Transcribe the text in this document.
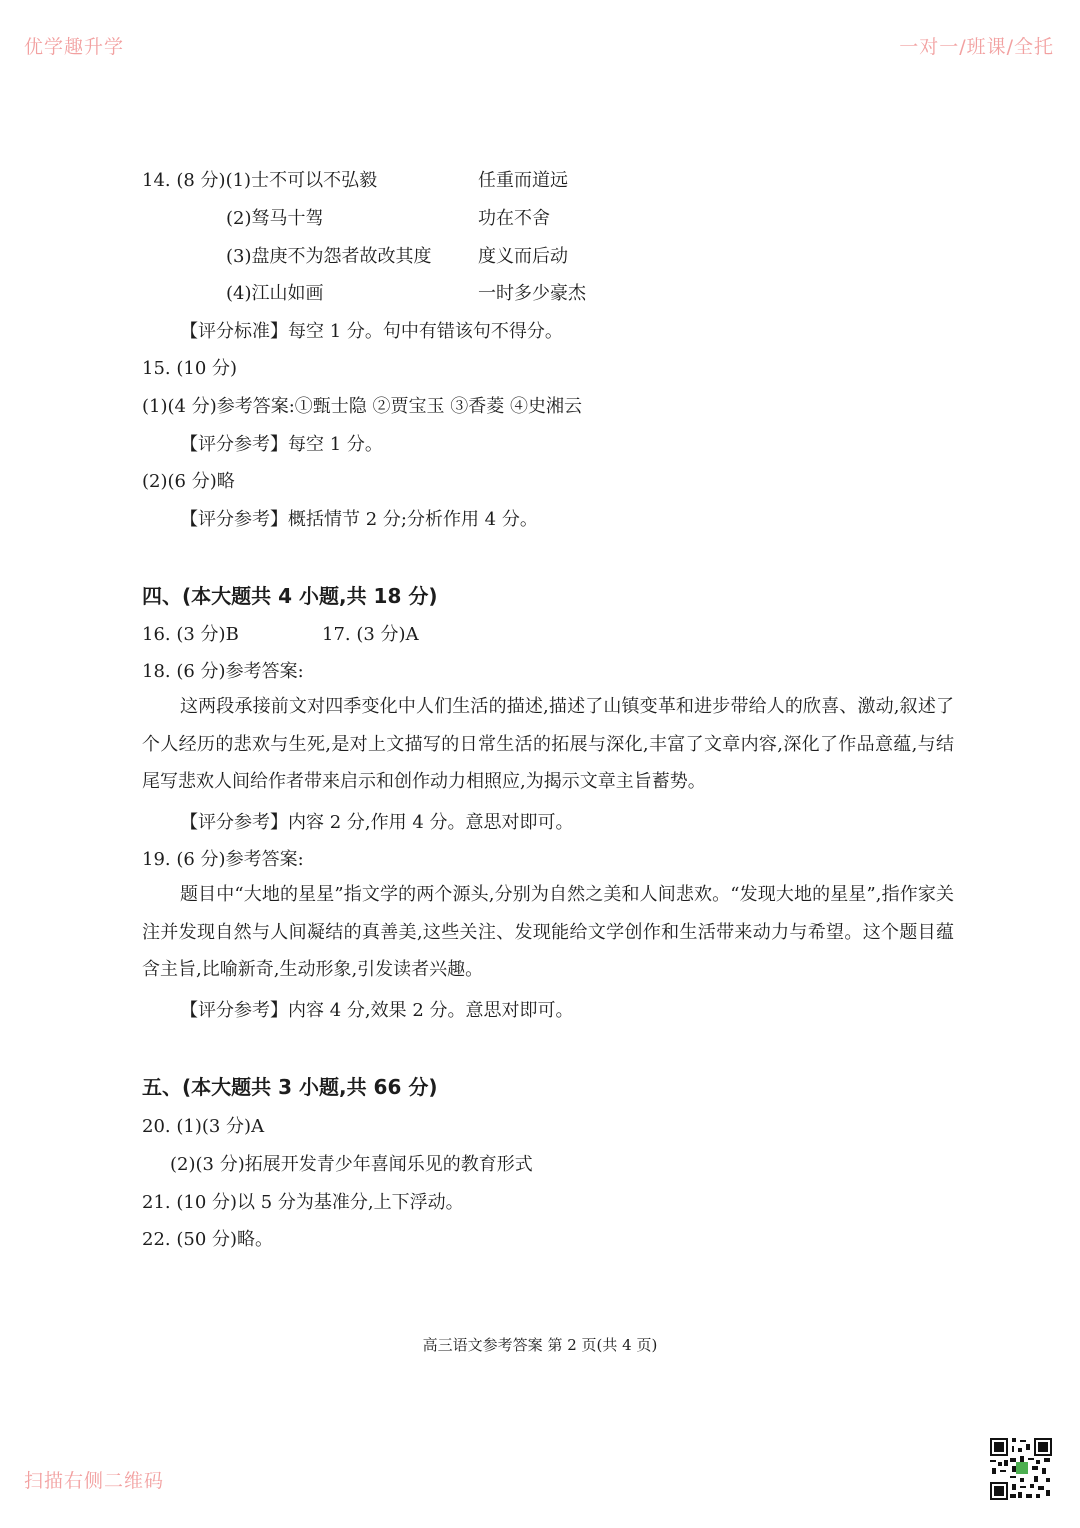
优学趣升学	一对一/班课/全托
14. (8 分)(1)士不可以不弘毅	任重而道远
(2)驽马十驾	功在不舍
(3)盘庚不为怨者故改其度	度义而后动
(4)江山如画	一时多少豪杰
【评分标准】每空 1 分。句中有错该句不得分。
15. (10 分)
(1)(4 分)参考答案:①甄士隐 ②贾宝玉 ③香菱 ④史湘云
【评分参考】每空 1 分。
(2)(6 分)略
【评分参考】概括情节 2 分;分析作用 4 分。
四、(本大题共 4 小题,共 18 分)
16. (3 分)B	17. (3 分)A
18. (6 分)参考答案:
这两段承接前文对四季变化中人们生活的描述,描述了山镇变革和进步带给人的欣喜、激动,叙述了个人经历的悲欢与生死,是对上文描写的日常生活的拓展与深化,丰富了文章内容,深化了作品意蕴,与结尾写悲欢人间给作者带来启示和创作动力相照应,为揭示文章主旨蓄势。
【评分参考】内容 2 分,作用 4 分。意思对即可。
19. (6 分)参考答案:
题目中“大地的星星”指文学的两个源头,分别为自然之美和人间悲欢。“发现大地的星星”,指作家关注并发现自然与人间凝结的真善美,这些关注、发现能给文学创作和生活带来动力与希望。这个题目蕴含主旨,比喻新奇,生动形象,引发读者兴趣。
【评分参考】内容 4 分,效果 2 分。意思对即可。
五、(本大题共 3 小题,共 66 分)
20. (1)(3 分)A
(2)(3 分)拓展开发青少年喜闻乐见的教育形式
21. (10 分)以 5 分为基准分,上下浮动。
22. (50 分)略。
高三语文参考答案 第 2 页(共 4 页)
扫描右侧二维码
